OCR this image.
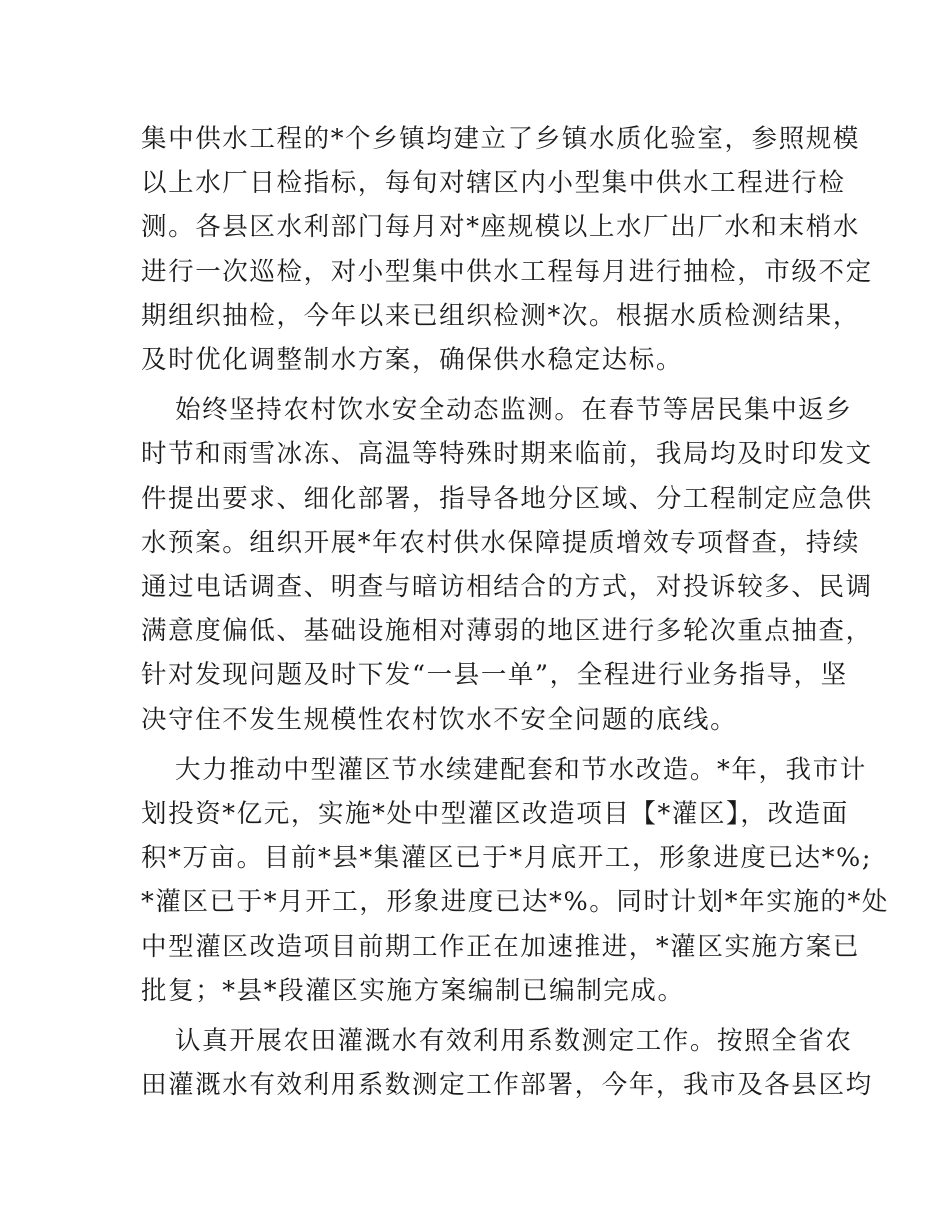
集中供水工程的*个乡镇均建立了乡镇水质化验室，参照规模
以上水厂日检指标，每旬对辖区内小型集中供水工程进行检
测。各县区水利部门每月对*座规模以上水厂出厂水和末梢水
进行一次巡检，对小型集中供水工程每月进行抽检，市级不定
期组织抽检，今年以来已组织检测*次。根据水质检测结果，
及时优化调整制水方案，确保供水稳定达标。

始终坚持农村饮水安全动态监测。在春节等居民集中返乡
时节和雨雪冰冻、高温等特殊时期来临前，我局均及时印发文
件提出要求、细化部署，指导各地分区域、分工程制定应急供
水预案。组织开展*年农村供水保障提质增效专项督查，持续
通过电话调查、明查与暗访相结合的方式，对投诉较多、民调
满意度偏低、基础设施相对薄弱的地区进行多轮次重点抽查，
针对发现问题及时下发“一县一单”，全程进行业务指导，坚
决守住不发生规模性农村饮水不安全问题的底线。

大力推动中型灌区节水续建配套和节水改造。*年，我市计
划投资*亿元，实施*处中型灌区改造项目【*灌区】，改造面
积*万亩。目前*县*集灌区已于*月底开工，形象进度已达*%;
*灌区已于*月开工，形象进度已达*%。同时计划*年实施的*处
中型灌区改造项目前期工作正在加速推进，*灌区实施方案已
批复；*县*段灌区实施方案编制已编制完成。

认真开展农田灌溉水有效利用系数测定工作。按照全省农
田灌溉水有效利用系数测定工作部署，今年，我市及各县区均
